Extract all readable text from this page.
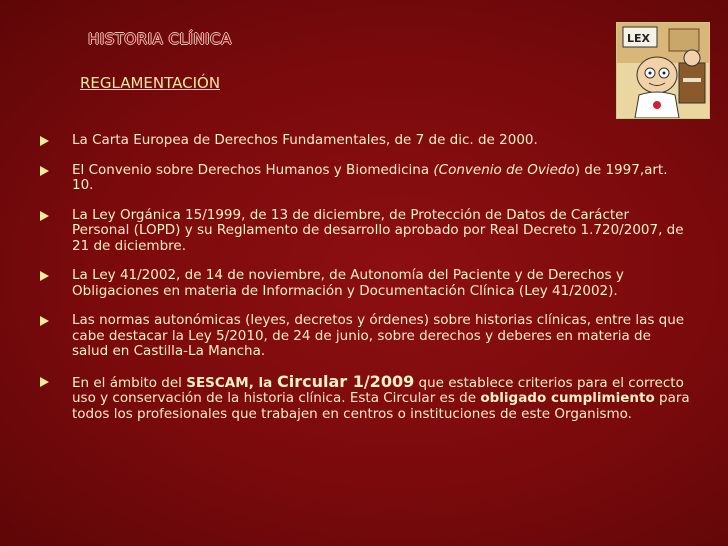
HISTORIA CLÍNICA
REGLAMENTACIÓN
LEX
La Carta Europea de Derechos Fundamentales, de 7 de dic. de 2000.
El Convenio sobre Derechos Humanos y Biomedicina (Convenio de Oviedo) de 1997,art. 10.
La Ley Orgánica 15/1999, de 13 de diciembre, de Protección de Datos de Carácter Personal (LOPD) y su Reglamento de desarrollo aprobado por Real Decreto 1.720/2007, de 21 de diciembre.
La Ley 41/2002, de 14 de noviembre, de Autonomía del Paciente y de Derechos y Obligaciones en materia de Información y Documentación Clínica (Ley 41/2002).
Las normas autonómicas (leyes, decretos y órdenes) sobre historias clínicas, entre las que cabe destacar la Ley 5/2010, de 24 de junio, sobre derechos y deberes en materia de salud en Castilla-La Mancha.
En el ámbito del SESCAM, la Circular 1/2009 que establece criterios para el correcto uso y conservación de la historia clínica. Esta Circular es de obligado cumplimiento para todos los profesionales que trabajen en centros o instituciones de este Organismo.
